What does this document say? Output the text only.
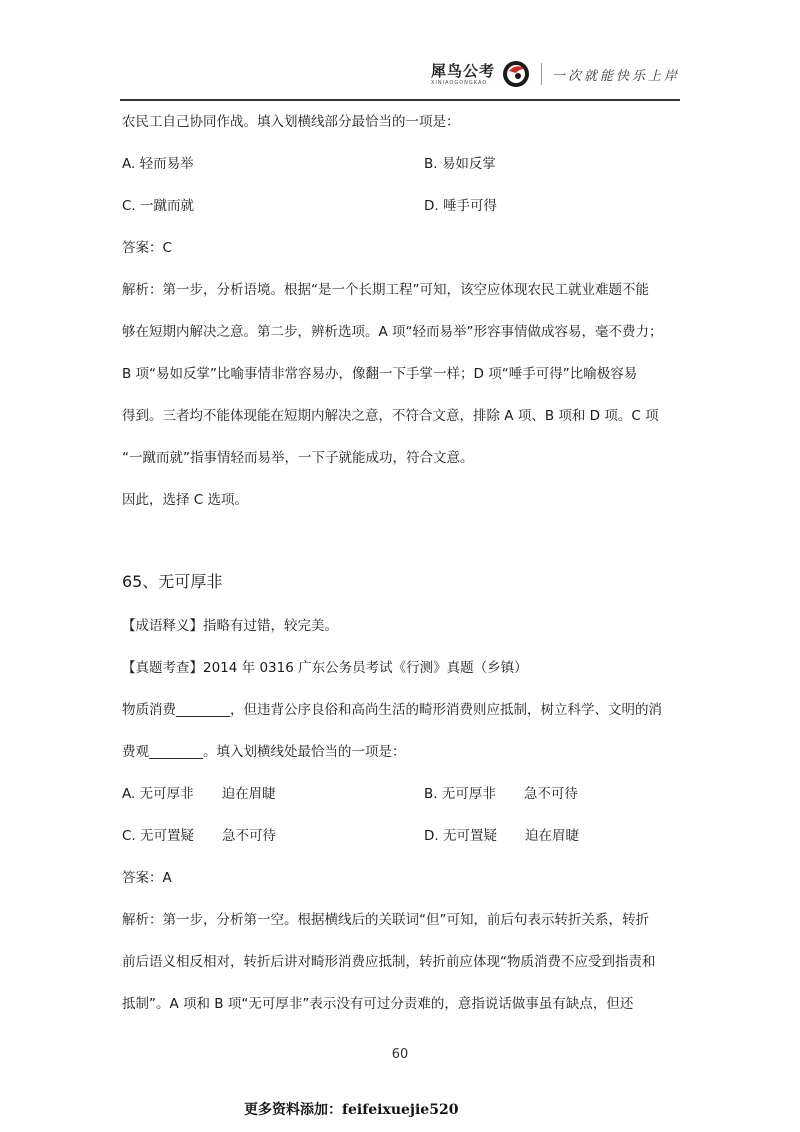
犀鸟公考
XINIAOGONGKAO	一次就能快乐上岸
农民工自己协同作战。填入划横线部分最恰当的一项是：
A. 轻而易举	B. 易如反掌
C. 一蹴而就	D. 唾手可得
答案：C
解析：第一步，分析语境。根据“是一个长期工程”可知，该空应体现农民工就业难题不能
够在短期内解决之意。第二步，辨析选项。A 项“轻而易举”形容事情做成容易，毫不费力；
B 项“易如反掌”比喻事情非常容易办，像翻一下手掌一样；D 项“唾手可得”比喻极容易
得到。三者均不能体现能在短期内解决之意，不符合文意，排除 A 项、B 项和 D 项。C 项
“一蹴而就”指事情轻而易举，一下子就能成功，符合文意。
因此，选择 C 选项。
65、无可厚非
【成语释义】指略有过错，较完美。
【真题考查】2014 年 0316 广东公务员考试《行测》真题（乡镇）
物质消费________，但违背公序良俗和高尚生活的畸形消费则应抵制，树立科学、文明的消
费观________。填入划横线处最恰当的一项是：
A. 无可厚非 迫在眉睫	B. 无可厚非 急不可待
C. 无可置疑 急不可待	D. 无可置疑 迫在眉睫
答案：A
解析：第一步，分析第一空。根据横线后的关联词“但”可知，前后句表示转折关系，转折
前后语义相反相对，转折后讲对畸形消费应抵制，转折前应体现“物质消费不应受到指责和
抵制”。A 项和 B 项“无可厚非”表示没有可过分责难的，意指说话做事虽有缺点，但还
60
更多资料添加：feifeixuejie520
